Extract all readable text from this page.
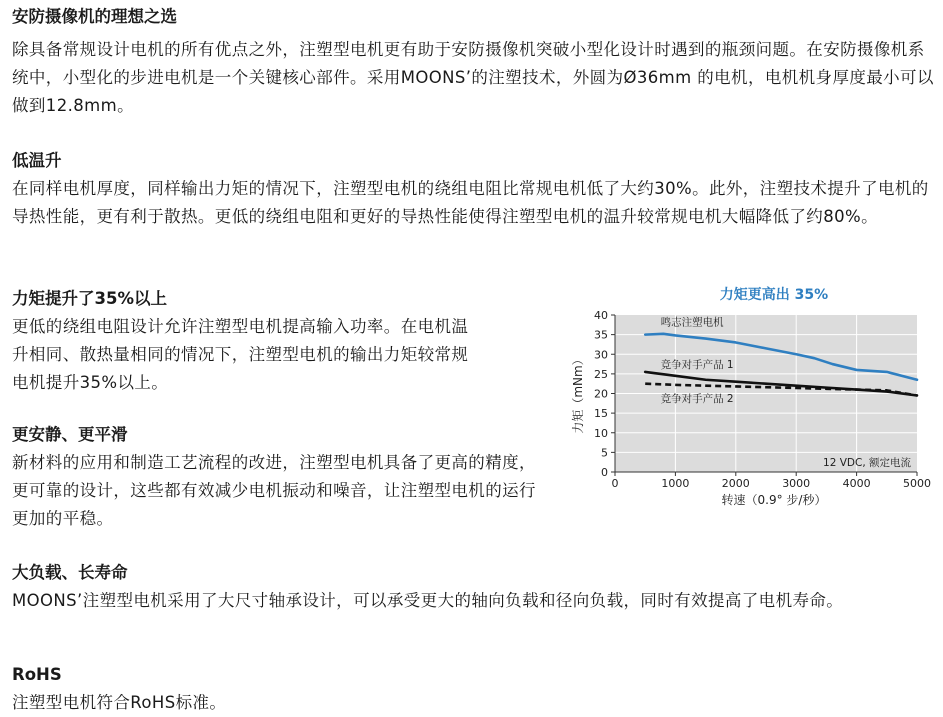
安防摄像机的理想之选

除具备常规设计电机的所有优点之外，注塑型电机更有助于安防摄像机突破小型化设计时遇到的瓶颈问题。在安防摄像机系统中，小型化的步进电机是一个关键核心部件。采用MOONS’的注塑技术，外圆为Ø36mm 的电机，电机机身厚度最小可以做到12.8mm。

低温升

在同样电机厚度，同样输出力矩的情况下，注塑型电机的绕组电阻比常规电机低了大约30%。此外，注塑技术提升了电机的导热性能，更有利于散热。更低的绕组电阻和更好的导热性能使得注塑型电机的温升较常规电机大幅降低了约80%。

力矩提升了35%以上

更低的绕组电阻设计允许注塑型电机提高输入功率。在电机温升相同、散热量相同的情况下，注塑型电机的输出力矩较常规电机提升35%以上。

更安静、更平滑

新材料的应用和制造工艺流程的改进，注塑型电机具备了更高的精度，更可靠的设计，这些都有效减少电机振动和噪音，让注塑型电机的运行更加的平稳。

大负载、长寿命

MOONS’注塑型电机采用了大尺寸轴承设计，可以承受更大的轴向负载和径向负载，同时有效提高了电机寿命。

RoHS

注塑型电机符合RoHS标准。

0
5
10
15
20
25
30
35
40
0	1000	2000	3000	4000	5000
力矩更高出 35%
转速（0.9° 步/秒）
力矩（mNm）
鸣志注塑电机
竞争对手产品 1
竞争对手产品 2
12 VDC, 额定电流
